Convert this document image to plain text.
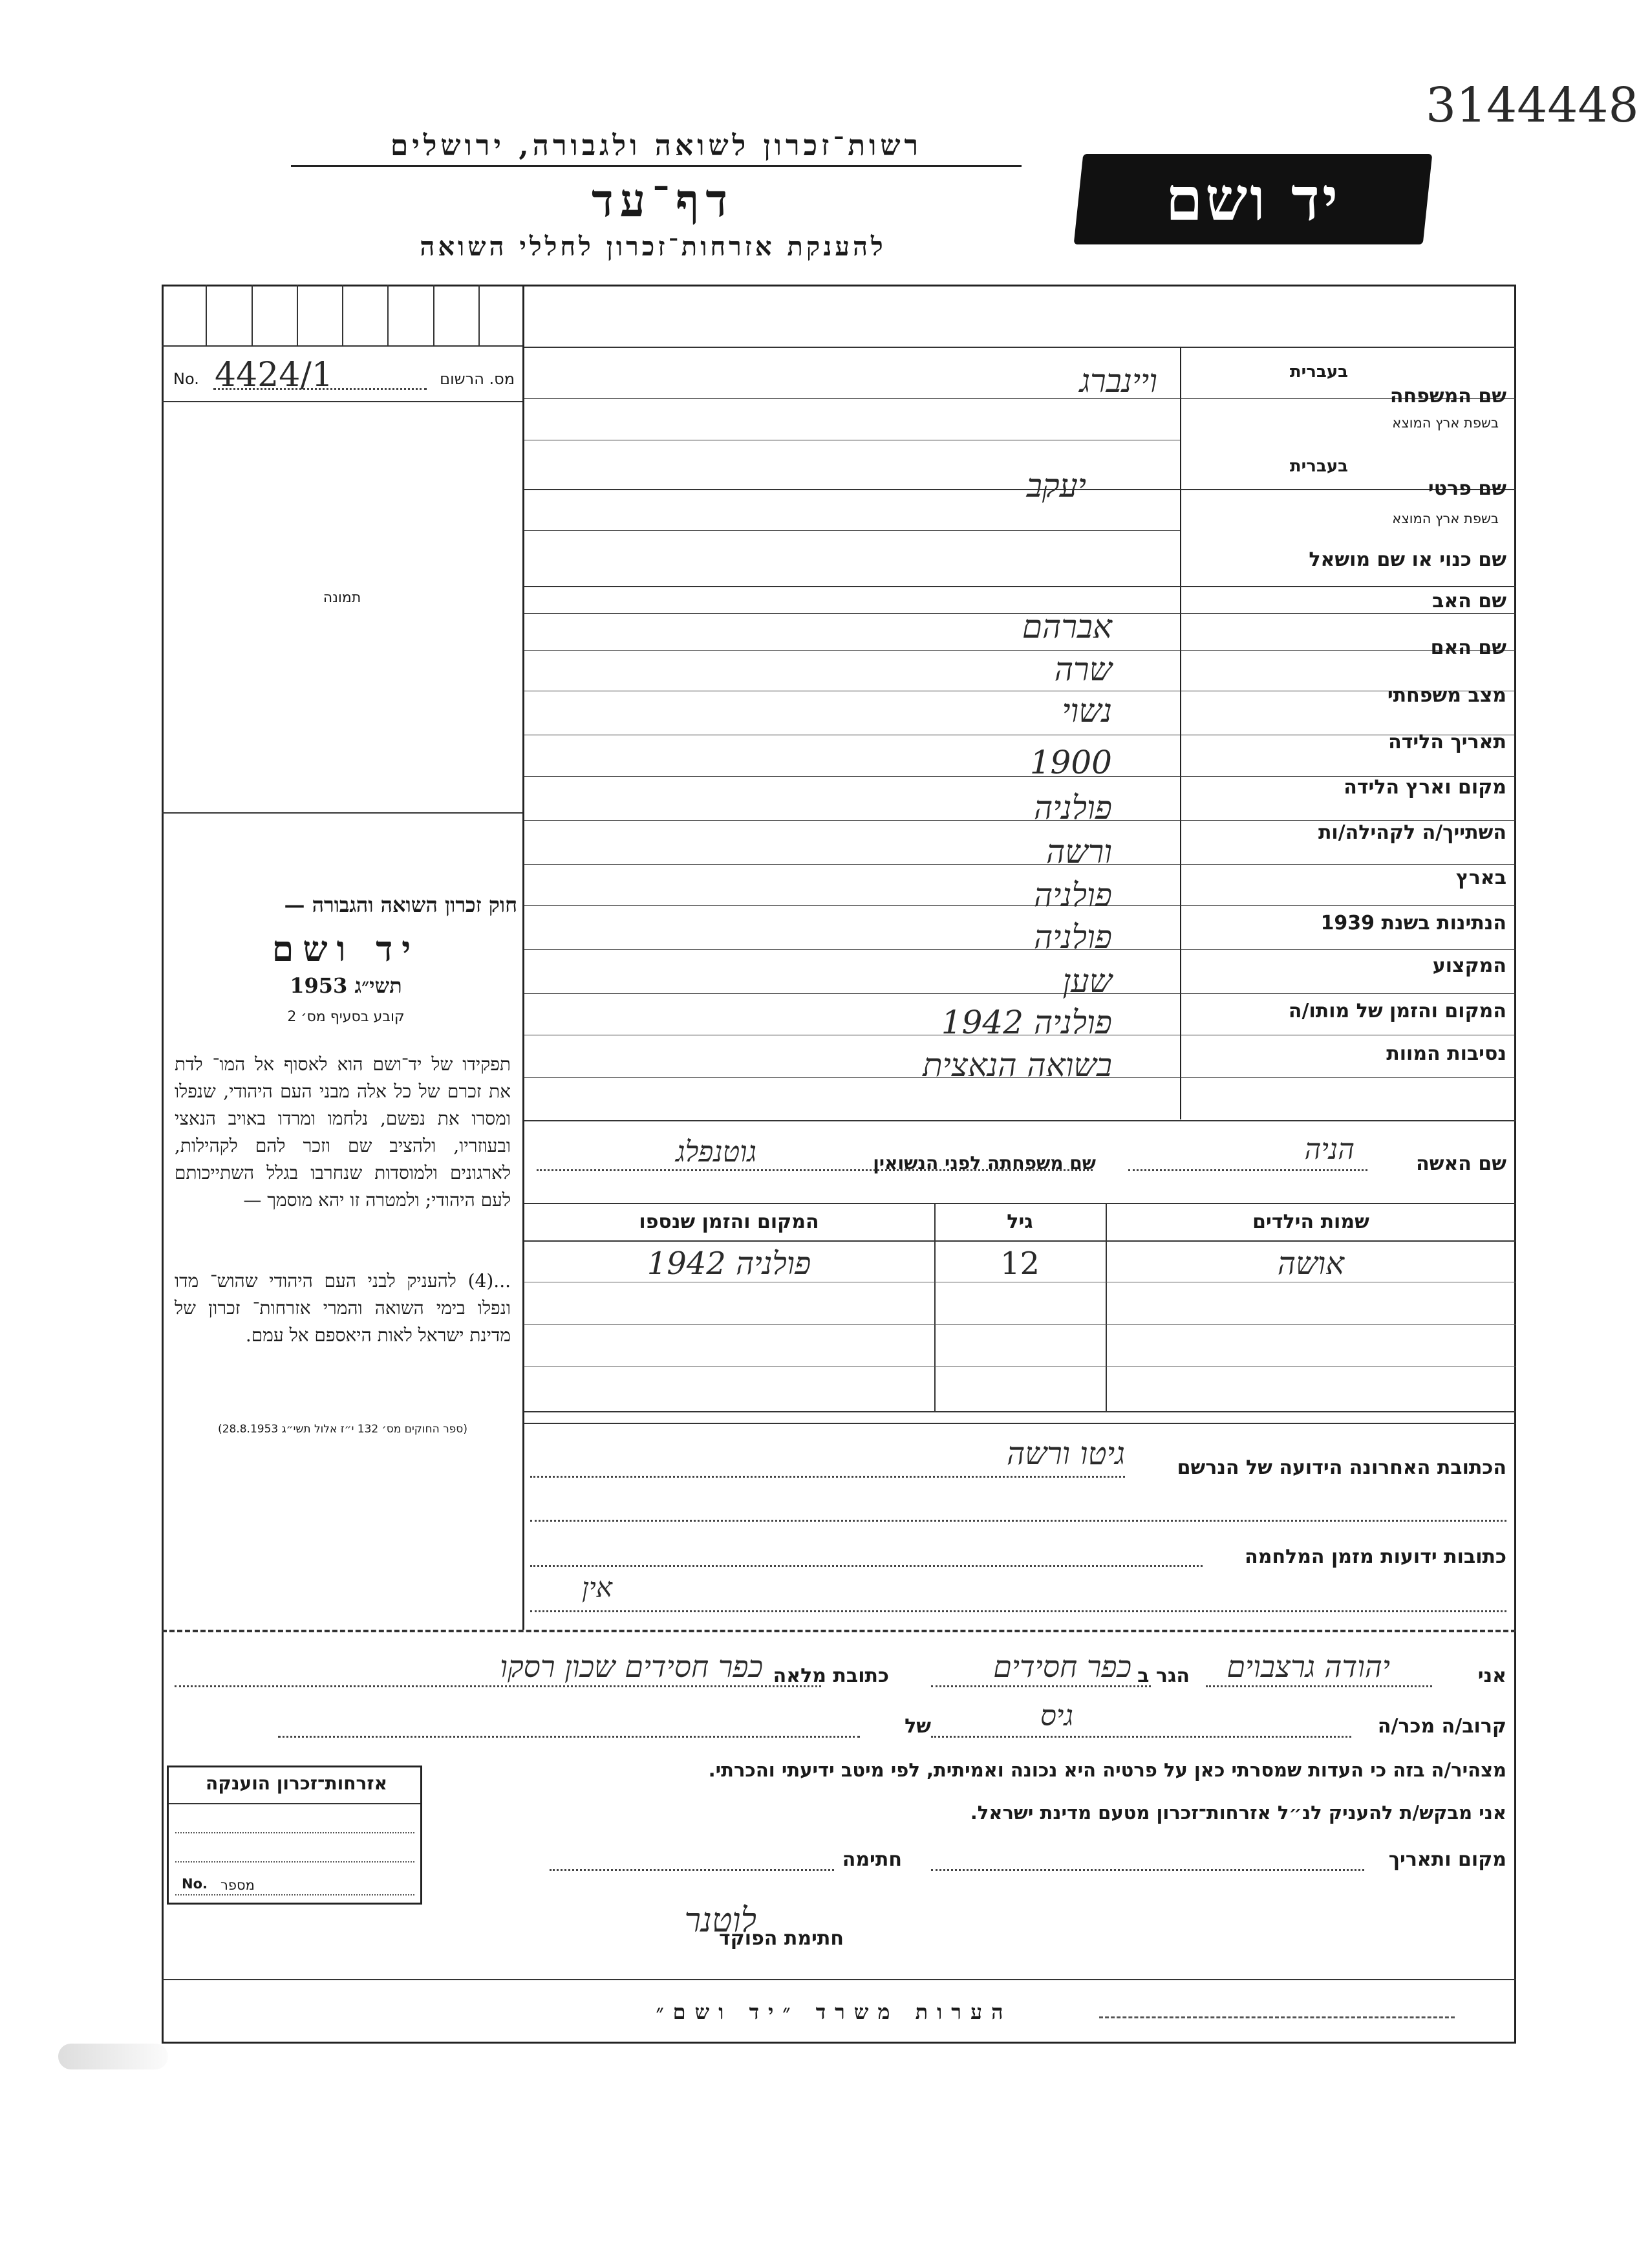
3144448
רשות־זכרון לשואה ולגבורה, ירושלים
דף־עד
להענקת אזרחות־זכרון לחללי השואה
יד ושם
No. 4424/1	מס. הרשום
תמונה
חוק זכרון השואה והגבורה —
יד ושם
תשי״ג 1953
קובע בסעיף מס׳ 2
תפקידו של יד־ושם הוא לאסוף אל המו־ לדת את זכרם של כל אלה מבני העם היהודי, שנפלו ומסרו את נפשם, נלחמו ומרדו באויב הנאצי ובעוזריו, ולהציב שם וזכר להם לקהילות, לארגונים ולמוסדות שנחרבו בגלל השתייכותם לעם היהודי; ולמטרה זו יהא מוסמך —
...(4) להעניק לבני העם היהודי שהוש־ מדו ונפלו בימי השואה והמרי אזרחות־ זכרון של מדינת ישראל לאות היאספם אל עמם.
(ספר החוקים מס׳ 132 י״ז אלול תשי״ג 28.8.1953)
שם המשפחה
בעברית
בשפת ארץ המוצא
ויינברג
שם פרטי
בעברית
בשפת ארץ המוצא
יעקב
שם כנוי או שם מושאל
שם האב
אברהם
שם האם
שרה
מצב משפחתי
נשוי
תאריך הלידה
1900
מקום וארץ הלידה
פולניה
השתייך/ה לקהילה/ות
ורשה
בארץ
פולניה
הנתינות בשנת 1939
פולניה
המקצוע
שען
המקום והזמן של מותו/ה
פולניה 1942
נסיבות המוות
בשואה הנאצית
שם האשה
הניה
שם משפחתה לפני הנשואין
גוטנפלג
שמות הילדים
גיל
המקום והזמן שנספו
אושה
12
פולניה 1942
הכתובת האחרונה הידועה של הנרשם
גיטו ורשה
כתובות ידועות מזמן המלחמה
אין
אני
יהודה גרצבוים
הגר ב
כפר חסידים
כתובת מלאה
כפר חסידים שכון רסקו
קרוב/ה מכר/ה
גיס
של
מצהיר/ה בזה כי העדות שמסרתי כאן על פרטיה היא נכונה ואמיתית, לפי מיטב ידיעתי והכרתי.
אני מבקש/ת להעניק לנ״ל אזרחות־זכרון מטעם מדינת ישראל.
מקום ותאריך
חתימה
חתימת הפוקד
לוטנר
אזרחות־זכרון הוענקה
No. מספר
הערות משרד ״יד ושם״
